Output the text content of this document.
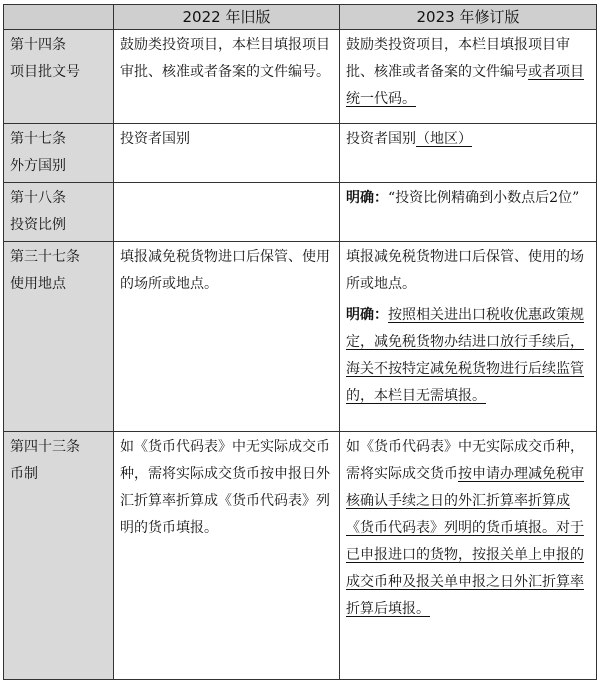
	2022 年旧版	2023 年修订版

第十四条
项目批文号	鼓励类投资项目，本栏目填报项目审批、核准或者备案的文件编号。	鼓励类投资项目，本栏目填报项目审批、核准或者备案的文件编号或者项目统一代码。

第十七条
外方国别	投资者国别	投资者国别（地区）

第十八条
投资比例		明确：“投资比例精确到小数点后2位”

第三十七条
使用地点	填报减免税货物进口后保管、使用的场所或地点。	填报减免税货物进口后保管、使用的场所或地点。
明确：按照相关进出口税收优惠政策规定，减免税货物办结进口放行手续后，海关不按特定减免税货物进行后续监管的，本栏目无需填报。

第四十三条
币制	如《货币代码表》中无实际成交币种，需将实际成交货币按申报日外汇折算率折算成《货币代码表》列明的货币填报。	如《货币代码表》中无实际成交币种，需将实际成交货币按申请办理减免税审核确认手续之日的外汇折算率折算成《货币代码表》列明的货币填报。对于已申报进口的货物，按报关单上申报的成交币种及报关单申报之日外汇折算率折算后填报。
